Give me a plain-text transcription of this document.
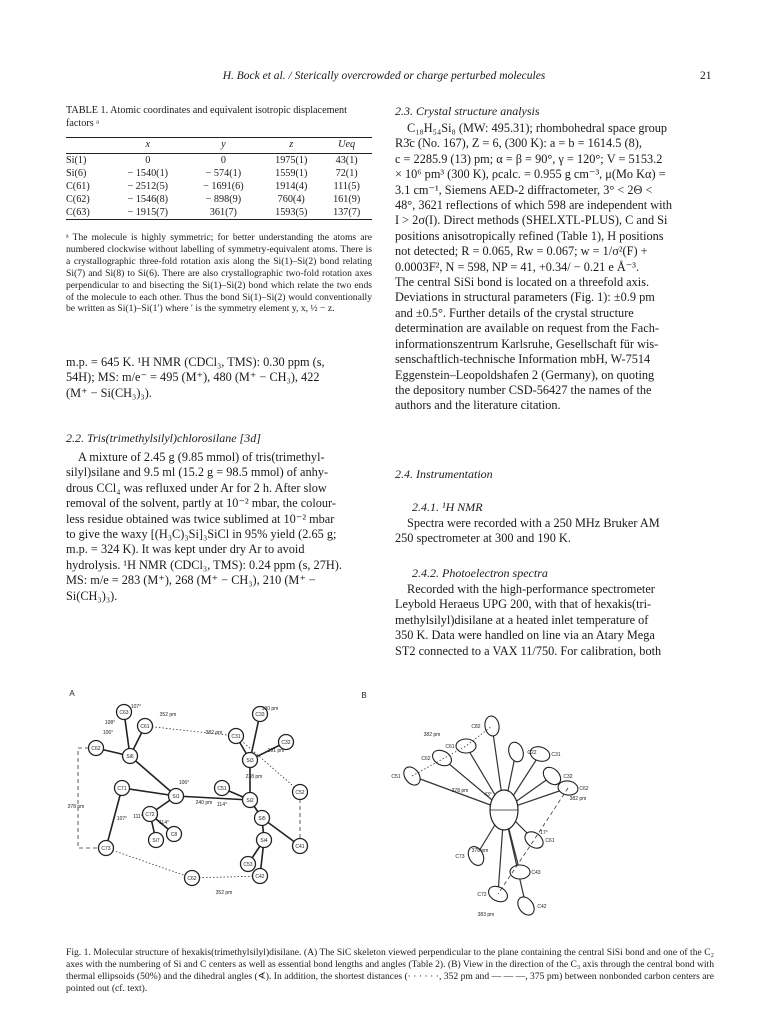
H. Bock et al. / Sterically overcrowded or charge perturbed molecules	21
TABLE 1. Atomic coordinates and equivalent isotropic displacement factors ᵃ
	x	y	z	Ueq
Si(1)	0	0	1975(1)	43(1)
Si(6)	− 1540(1)	− 574(1)	1559(1)	72(1)
C(61)	− 2512(5)	− 1691(6)	1914(4)	111(5)
C(62)	− 1546(8)	− 898(9)	760(4)	161(9)
C(63)	− 1915(7)	361(7)	1593(5)	137(7)
ᵃ The molecule is highly symmetric; for better understanding the atoms are numbered clockwise without labelling of symmetry-equivalent atoms. There is a crystallographic three-fold rotation axis along the Si(1)–Si(2) bond relating Si(7) and Si(8) to Si(6). There are also crystallographic two-fold rotation axes perpendicular to and bisecting the Si(1)–Si(2) bond which relate the two ends of the molecule to each other. Thus the bond Si(1)–Si(2) would conventionally be written as Si(1)–Si(1′) where ′ is the symmetry element y, x, ½ − z.
m.p. = 645 K. ¹H NMR (CDCl₃, TMS): 0.30 ppm (s,
54H); MS: m/e⁻ = 495 (M⁺), 480 (M⁺ − CH₃), 422
(M⁺ − Si(CH₃)₃).
2.2. Tris(trimethylsilyl)chlorosilane [3d]
A mixture of 2.45 g (9.85 mmol) of tris(trimethyl-
silyl)silane and 9.5 ml (15.2 g = 98.5 mmol) of anhy-
drous CCl₄ was refluxed under Ar for 2 h. After slow
removal of the solvent, partly at 10⁻² mbar, the colour-
less residue obtained was twice sublimed at 10⁻² mbar
to give the waxy [(H₃C)₃Si]₃SiCl in 95% yield (2.65 g;
m.p. = 324 K). It was kept under dry Ar to avoid
hydrolysis. ¹H NMR (CDCl₃, TMS): 0.24 ppm (s, 27H).
MS: m/e = 283 (M⁺), 268 (M⁺ − CH₃), 210 (M⁺ −
Si(CH₃)₃).
2.3. Crystal structure analysis
C₁₈H₅₄Si₈ (MW: 495.31); rhombohedral space group
R3̄c (No. 167), Z = 6, (300 K): a = b = 1614.5 (8),
c = 2285.9 (13) pm; α = β = 90°, γ = 120°; V = 5153.2
× 10⁶ pm³ (300 K), ρcalc. = 0.955 g cm⁻³, μ(Mo Kα) =
3.1 cm⁻¹, Siemens AED-2 diffractometer, 3° < 2Θ <
48°, 3621 reflections of which 598 are independent with
I > 2σ(I). Direct methods (SHELXTL-PLUS), C and Si
positions anisotropically refined (Table 1), H positions
not detected; R = 0.065, Rw = 0.067; w = 1/σ²(F) +
0.0003F², N = 598, NP = 41, +0.34/ − 0.21 e Å⁻³.
The central SiSi bond is located on a threefold axis.
Deviations in structural parameters (Fig. 1): ±0.9 pm
and ±0.5°. Further details of the crystal structure
determination are available on request from the Fach-
informationszentrum Karlsruhe, Gesellschaft für wis-
senschaftlich-technische Information mbH, W-7514
Eggenstein–Leopoldshafen 2 (Germany), on quoting
the depository number CSD-56427 the names of the
authors and the literature citation.
2.4. Instrumentation
2.4.1. ¹H NMR
Spectra were recorded with a 250 MHz Bruker AM
250 spectrometer at 300 and 190 K.
2.4.2. Photoelectron spectra
Recorded with the high-performance spectrometer
Leybold Heraeus UPG 200, with that of hexakis(tri-
methylsilyl)disilane at a heated inlet temperature of
350 K. Data were handled on line via an Atary Mega
ST2 connected to a VAX 11/750. For calibration, both
A
C63
C61
C62
Si6
C71
Si1
C72
Si7
C8
C33
C31
C32
Si3
C51
C52
Si2
Si5
C41
Si4
C53
C42
C73
C62
107°
108°
106°
352 pm
190 pm
382 pm
191 pm
238 pm
106°
240 pm 114°
378 pm
107° 111°
114°
352 pm
B
C61
C62
C51
C82
C31
C32
C22
C62
C61
C73
C43
C72
C42
382 pm
378 pm
43°
382 pm
17°
378 pm
383 pm
Fig. 1. Molecular structure of hexakis(trimethylsilyl)disilane. (A) The SiC skeleton viewed perpendicular to the plane containing the central SiSi bond and one of the C₂ axes with the numbering of Si and C centers as well as essential bond lengths and angles (Table 2). (B) View in the direction of the C₃ axis through the central bond with thermal ellipsoids (50%) and the dihedral angles (∢). In addition, the shortest distances (· · · · · ·, 352 pm and — — —, 375 pm) between nonbonded carbon centers are pointed out (cf. text).
